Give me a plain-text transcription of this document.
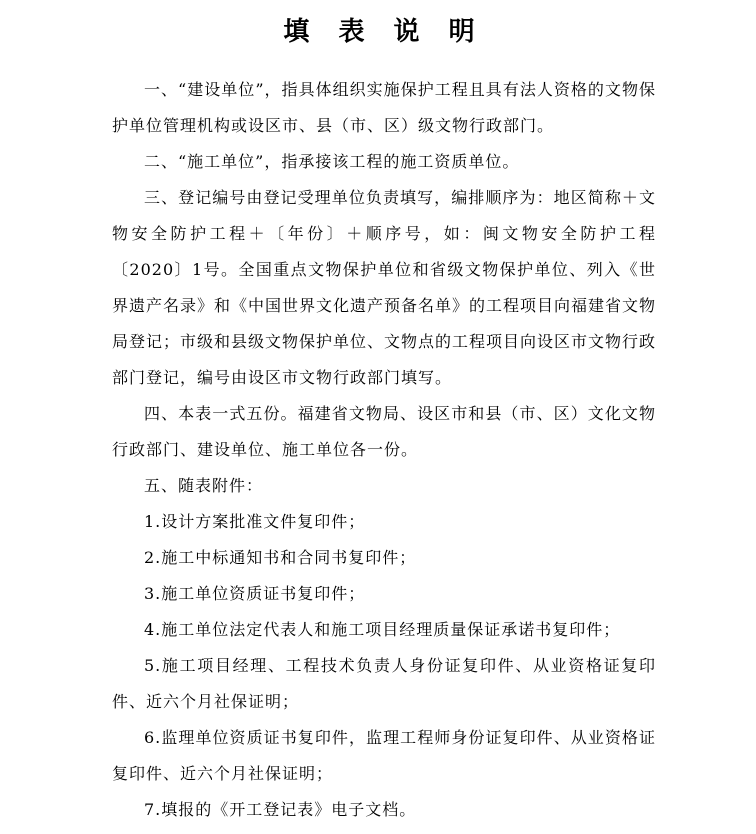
填 表 说 明

一、“建设单位”，指具体组织实施保护工程且具有法人资格的文物保护单位管理机构或设区市、县（市、区）级文物行政部门。

二、“施工单位”，指承接该工程的施工资质单位。

三、登记编号由登记受理单位负责填写，编排顺序为：地区简称＋文物安全防护工程＋〔年份〕＋顺序号，如：闽文物安全防护工程〔2020〕1号。全国重点文物保护单位和省级文物保护单位、列入《世界遗产名录》和《中国世界文化遗产预备名单》的工程项目向福建省文物局登记；市级和县级文物保护单位、文物点的工程项目向设区市文物行政部门登记，编号由设区市文物行政部门填写。

四、本表一式五份。福建省文物局、设区市和县（市、区）文化文物行政部门、建设单位、施工单位各一份。

五、随表附件：

1.设计方案批准文件复印件；

2.施工中标通知书和合同书复印件；

3.施工单位资质证书复印件；

4.施工单位法定代表人和施工项目经理质量保证承诺书复印件；

5.施工项目经理、工程技术负责人身份证复印件、从业资格证复印件、近六个月社保证明；

6.监理单位资质证书复印件，监理工程师身份证复印件、从业资格证复印件、近六个月社保证明；

7.填报的《开工登记表》电子文档。
